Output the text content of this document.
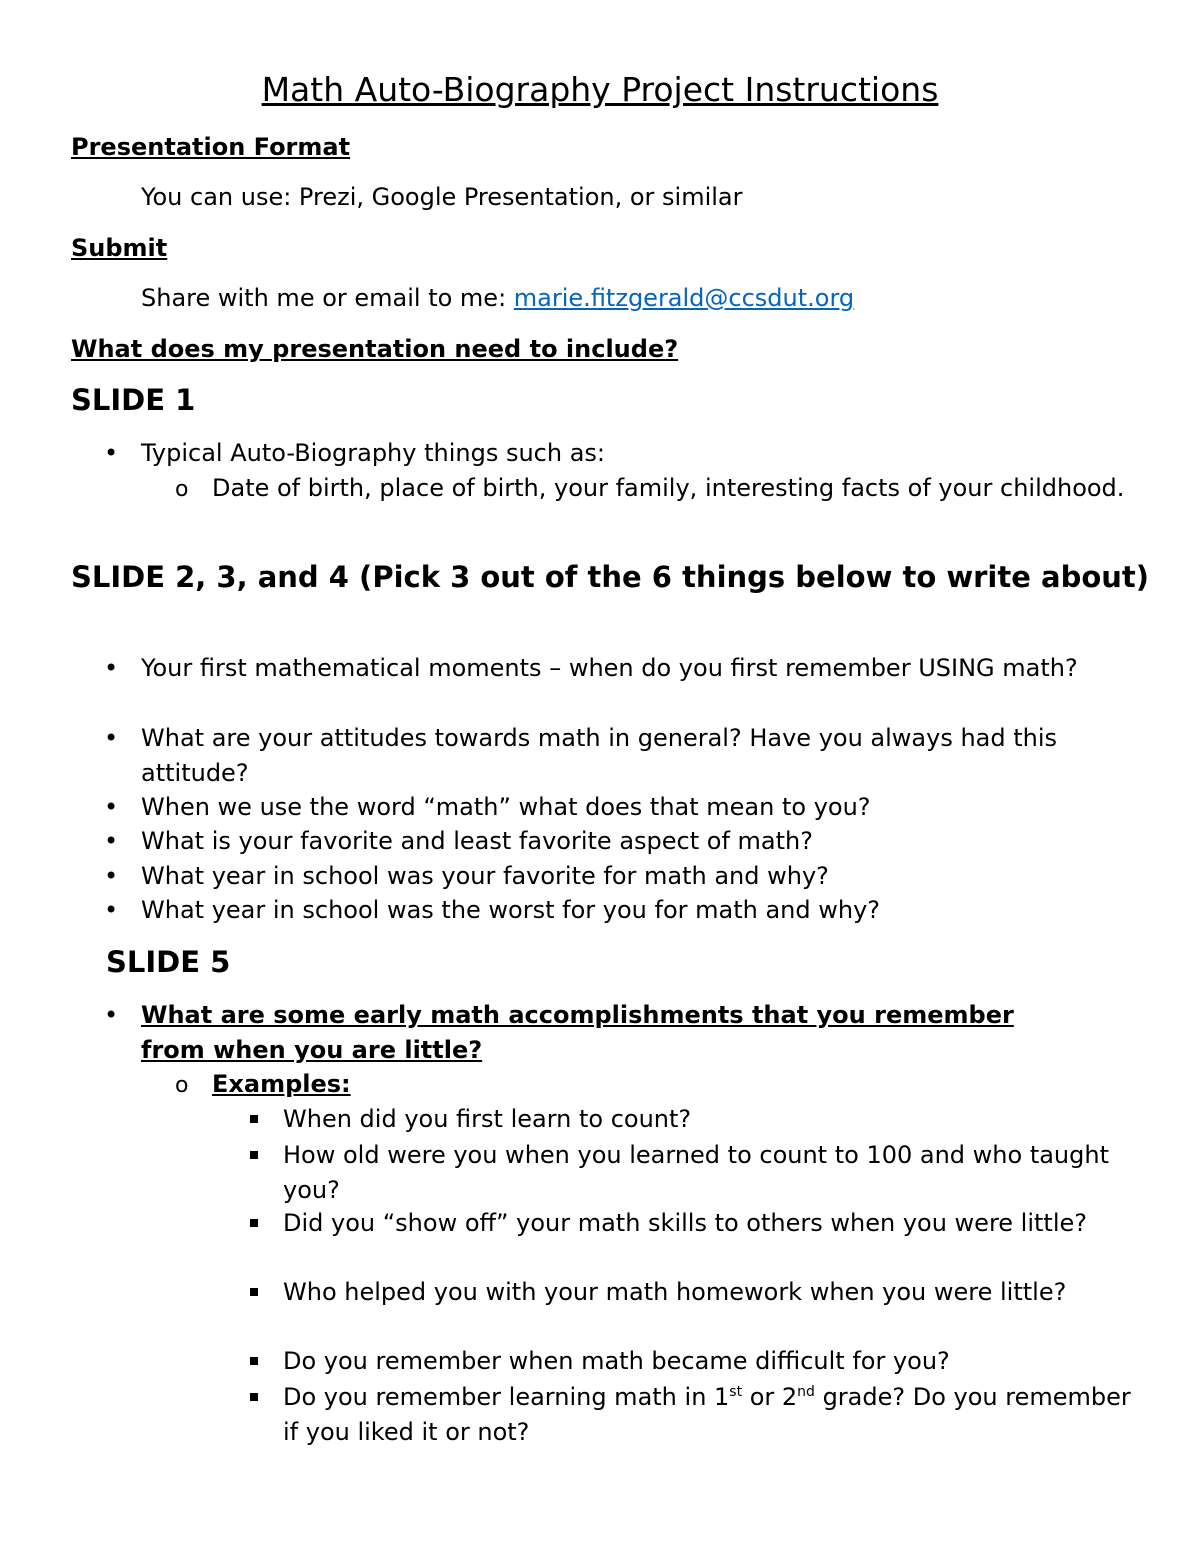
Math Auto-Biography Project Instructions
Presentation Format
You can use: Prezi, Google Presentation, or similar
Submit
Share with me or email to me: marie.fitzgerald@ccsdut.org
What does my presentation need to include?
SLIDE 1
• Typical Auto-Biography things such as:
o Date of birth, place of birth, your family, interesting facts of your childhood.
SLIDE 2, 3, and 4 (Pick 3 out of the 6 things below to write about)
• Your first mathematical moments – when do you first remember USING math?
• What are your attitudes towards math in general? Have you always had this attitude?
• When we use the word “math” what does that mean to you?
• What is your favorite and least favorite aspect of math?
• What year in school was your favorite for math and why?
• What year in school was the worst for you for math and why?
SLIDE 5
• What are some early math accomplishments that you remember from when you are little?
o Examples:
When did you first learn to count?
How old were you when you learned to count to 100 and who taught you?
Did you “show off” your math skills to others when you were little?
Who helped you with your math homework when you were little?
Do you remember when math became difficult for you?
Do you remember learning math in 1st or 2nd grade? Do you remember if you liked it or not?
